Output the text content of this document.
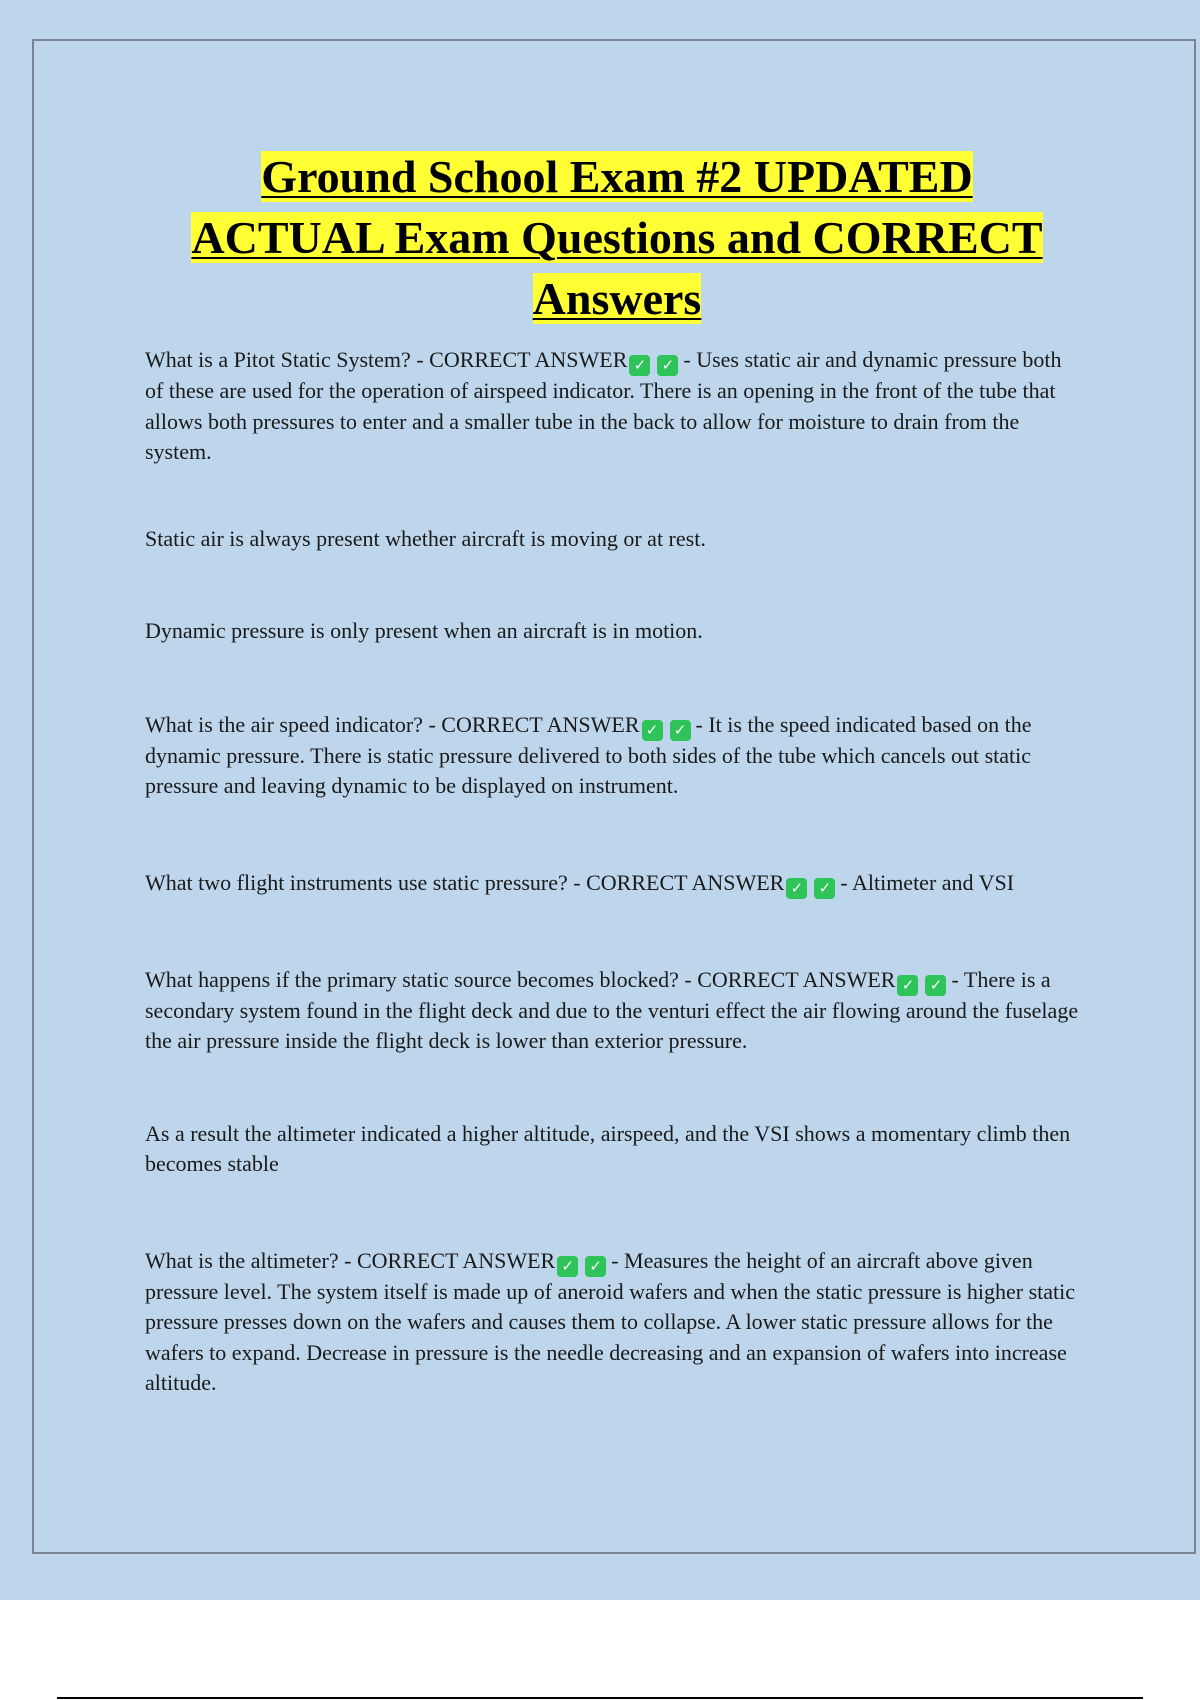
Ground School Exam #2 UPDATED
ACTUAL Exam Questions and CORRECT
Answers

What is a Pitot Static System? - CORRECT ANSWER ✓ ✓ - Uses static air and dynamic pressure both of these are used for the operation of airspeed indicator. There is an opening in the front of the tube that allows both pressures to enter and a smaller tube in the back to allow for moisture to drain from the system.

Static air is always present whether aircraft is moving or at rest.

Dynamic pressure is only present when an aircraft is in motion.

What is the air speed indicator? - CORRECT ANSWER ✓ ✓ - It is the speed indicated based on the dynamic pressure. There is static pressure delivered to both sides of the tube which cancels out static pressure and leaving dynamic to be displayed on instrument.

What two flight instruments use static pressure? - CORRECT ANSWER ✓ ✓ - Altimeter and VSI

What happens if the primary static source becomes blocked? - CORRECT ANSWER ✓ ✓ - There is a secondary system found in the flight deck and due to the venturi effect the air flowing around the fuselage the air pressure inside the flight deck is lower than exterior pressure.

As a result the altimeter indicated a higher altitude, airspeed, and the VSI shows a momentary climb then becomes stable

What is the altimeter? - CORRECT ANSWER ✓ ✓ - Measures the height of an aircraft above given pressure level. The system itself is made up of aneroid wafers and when the static pressure is higher static pressure presses down on the wafers and causes them to collapse. A lower static pressure allows for the wafers to expand. Decrease in pressure is the needle decreasing and an expansion of wafers into increase altitude.
